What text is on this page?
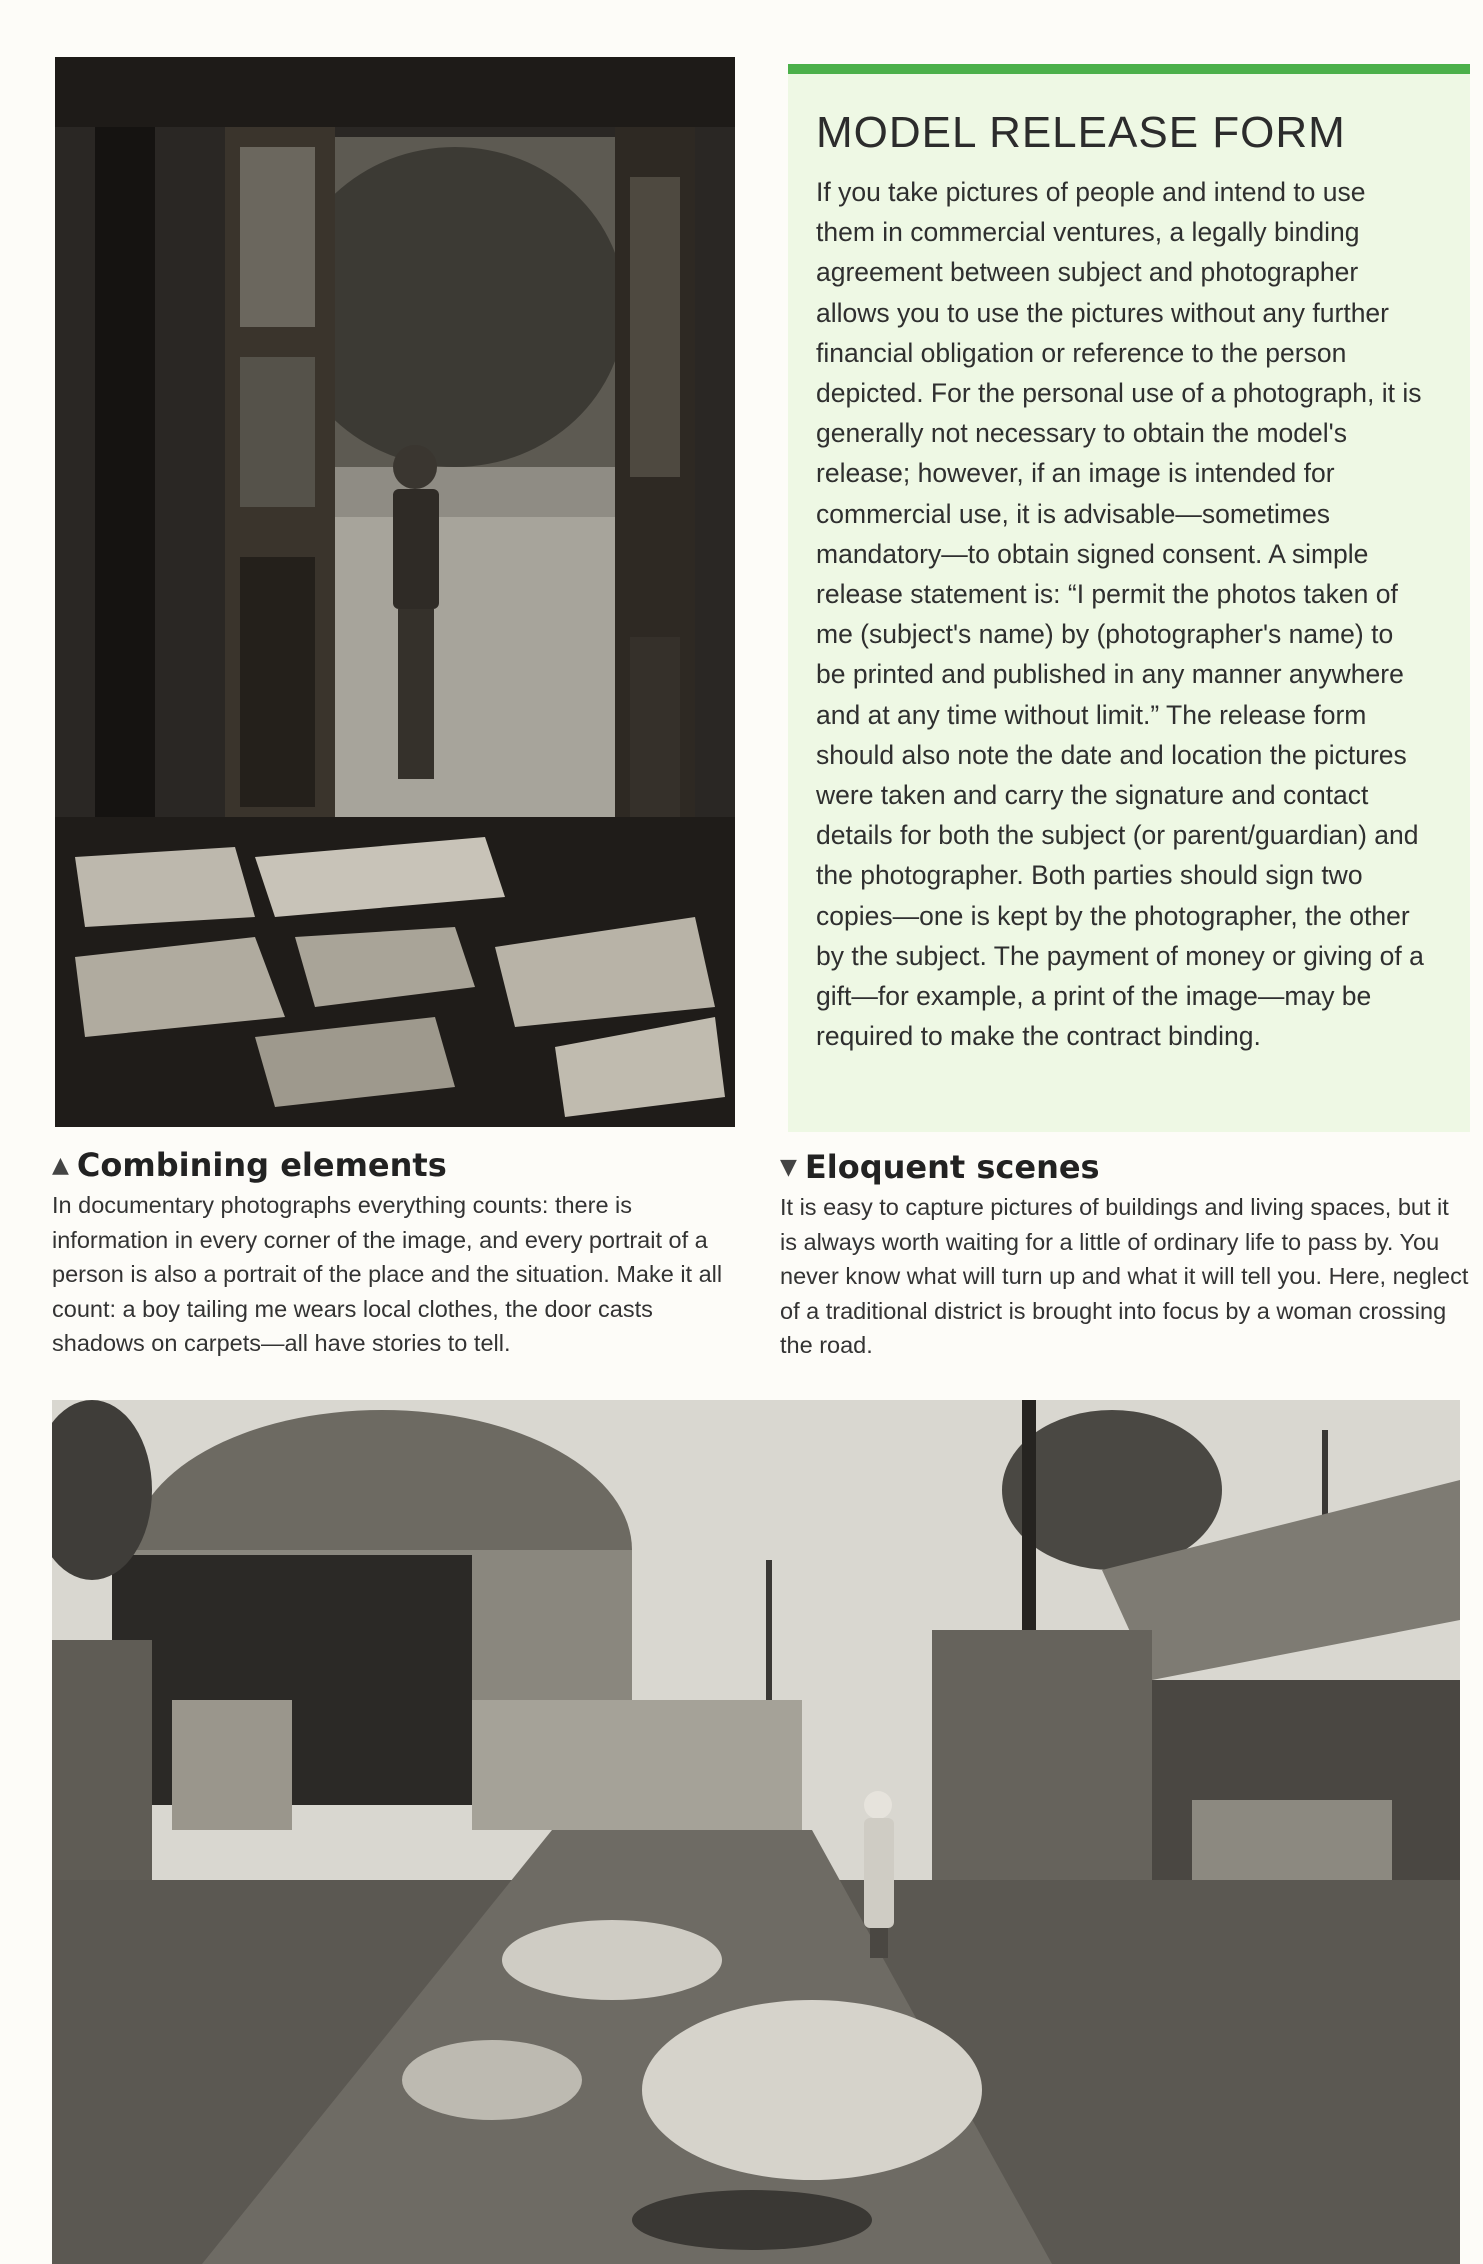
MODEL RELEASE FORM

If you take pictures of people and intend to use them in commercial ventures, a legally binding agreement between subject and photographer allows you to use the pictures without any further financial obligation or reference to the person depicted. For the personal use of a photograph, it is generally not necessary to obtain the model's release; however, if an image is intended for commercial use, it is advisable—sometimes mandatory—to obtain signed consent. A simple release statement is: “I permit the photos taken of me (subject's name) by (photographer's name) to be printed and published in any manner anywhere and at any time without limit.” The release form should also note the date and location the pictures were taken and carry the signature and contact details for both the subject (or parent/guardian) and the photographer. Both parties should sign two copies—one is kept by the photographer, the other by the subject. The payment of money or giving of a gift—for example, a print of the image—may be required to make the contract binding.

▲ Combining elements

In documentary photographs everything counts: there is information in every corner of the image, and every portrait of a person is also a portrait of the place and the situation. Make it all count: a boy tailing me wears local clothes, the door casts shadows on carpets—all have stories to tell.

▼ Eloquent scenes

It is easy to capture pictures of buildings and living spaces, but it is always worth waiting for a little of ordinary life to pass by. You never know what will turn up and what it will tell you. Here, neglect of a traditional district is brought into focus by a woman crossing the road.
